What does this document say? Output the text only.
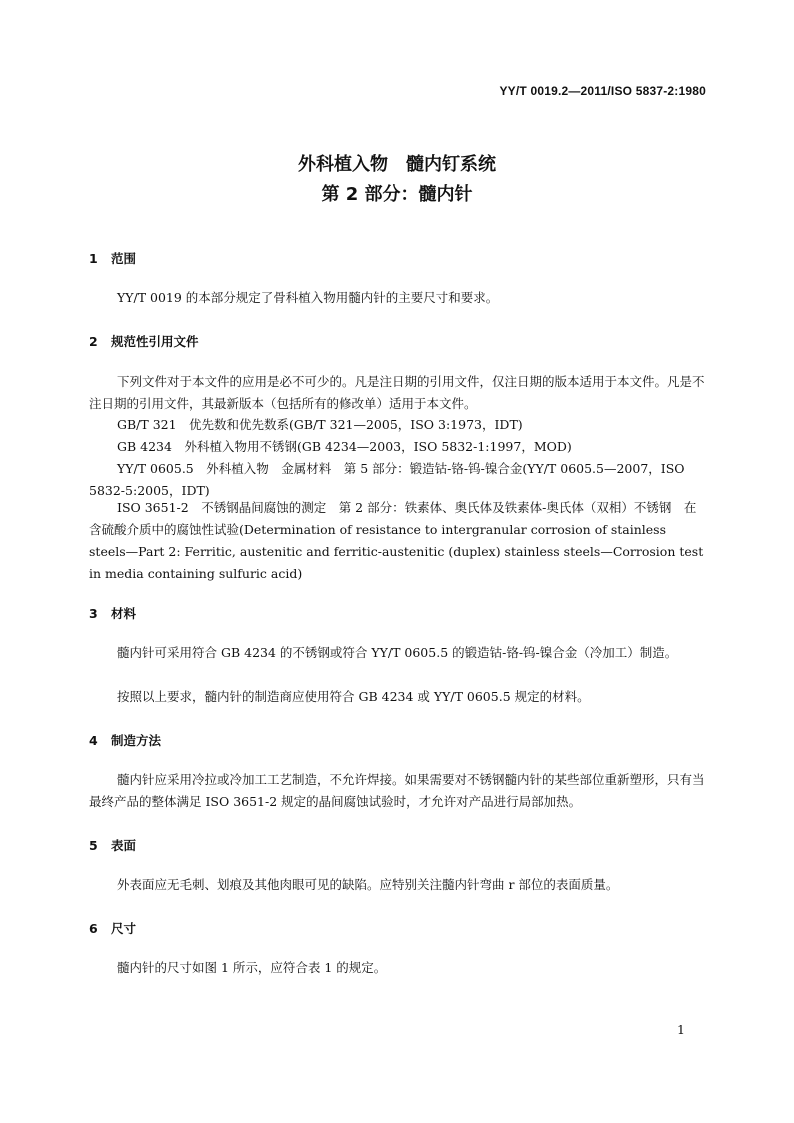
YY/T 0019.2—2011/ISO 5837-2:1980
外科植入物　髓内钉系统
第 2 部分：髓内针
1 范围
YY/T 0019 的本部分规定了骨科植入物用髓内针的主要尺寸和要求。
2 规范性引用文件
下列文件对于本文件的应用是必不可少的。凡是注日期的引用文件，仅注日期的版本适用于本文件。凡是不注日期的引用文件，其最新版本（包括所有的修改单）适用于本文件。
GB/T 321　优先数和优先数系(GB/T 321—2005，ISO 3:1973，IDT)
GB 4234　外科植入物用不锈钢(GB 4234—2003，ISO 5832-1:1997，MOD)
YY/T 0605.5　外科植入物　金属材料　第 5 部分：锻造钴-铬-钨-镍合金(YY/T 0605.5—2007，ISO 5832-5:2005，IDT)
ISO 3651-2　不锈钢晶间腐蚀的测定　第 2 部分：铁素体、奥氏体及铁素体-奥氏体（双相）不锈钢　在含硫酸介质中的腐蚀性试验(Determination of resistance to intergranular corrosion of stainless steels—Part 2: Ferritic, austenitic and ferritic-austenitic (duplex) stainless steels—Corrosion test in media containing sulfuric acid)
3 材料
髓内针可采用符合 GB 4234 的不锈钢或符合 YY/T 0605.5 的锻造钴-铬-钨-镍合金（冷加工）制造。
按照以上要求，髓内针的制造商应使用符合 GB 4234 或 YY/T 0605.5 规定的材料。
4 制造方法
髓内针应采用冷拉或冷加工工艺制造，不允许焊接。如果需要对不锈钢髓内针的某些部位重新塑形，只有当最终产品的整体满足 ISO 3651-2 规定的晶间腐蚀试验时，才允许对产品进行局部加热。
5 表面
外表面应无毛刺、划痕及其他肉眼可见的缺陷。应特别关注髓内针弯曲 r 部位的表面质量。
6 尺寸
髓内针的尺寸如图 1 所示，应符合表 1 的规定。
1
